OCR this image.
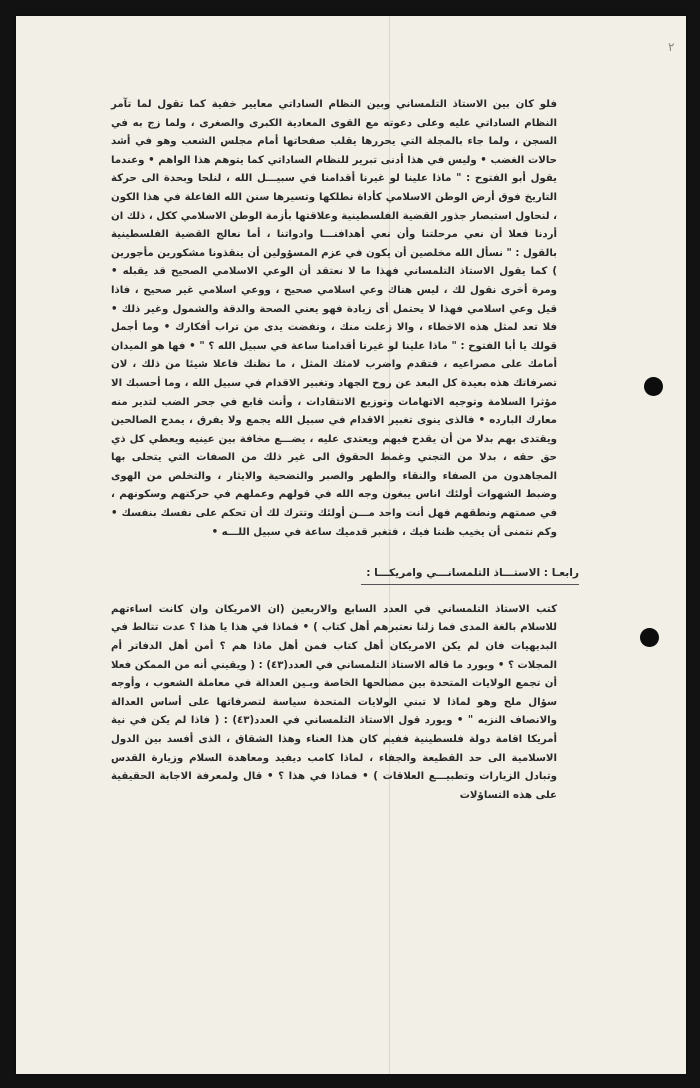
٢

فلو كان بين الاستاذ التلمساني وبين النظام الساداتي معايير خفية كما تقول لما تآمر النظام الساداتي عليه وعلى دعوته مع القوى المعادية الكبرى والصغرى ، ولما زج به في السجن ، ولما جاء بالمجلة التي يحررها يقلب صفحاتها أمام مجلس الشعب وهو في أشد حالات الغضب • وليس في هذا أدنى تبرير للنظام الساداتي كما يتوهم هذا الواهم • وعندما يقول أبو الفتوح : " ماذا علينا لو غيرنا أقدامنا في سبيـــل الله ، لنلحا وبحدة الى حركة التاريخ فوق أرض الوطن الاسلامي كأداة نطلكها وتسيرها سنن الله الفاعلة في هذا الكون ، لنحاول استبصار جذور القضية الفلسطينية وعلاقتها بأزمة الوطن الاسلامي ككل ، ذلك ان أردنا فعلا أن نعي مرحلتنا وأن نعي أهدافنـــا وادواتنا ، أما نعالج القضية الفلسطينية بالقول : " نسأل الله مخلصين أن يكون في عزم المسؤولين أن ينقذونا مشكورين مأجورين ) كما يقول الاستاذ التلمساني فهذا ما لا نعتقد أن الوعي الاسلامي الصحيح قد يقبله • ومرة أخرى نقول لك ، ليس هناك وعي اسلامي صحيح ، ووعي اسلامي غير صحيح ، فاذا قيل وعي اسلامي فهذا لا يحتمل أى زيادة فهو يعني الصحة والدقة والشمول وغير ذلك • فلا تعد لمثل هذه الاخطاء ، والا زعلت منك ، ونفضت يدى من تراب أفكارك • وما أجمل قولك يا أبا الفتوح : " ماذا علينا لو غيرنا أقدامنا ساعة في سبيل الله ؟ " • فها هو الميدان أمامك على مصراعيه ، فتقدم واضرب لامثك المثل ، ما نظنك فاعلا شيئا من ذلك ، لان تصرفاتك هذه بعيدة كل البعد عن روح الجهاد وتغبير الاقدام في سبيل الله ، وما أحسبك الا مؤثرا السلامة وتوجيه الاتهامات وتوزيع الانتقادات ، وأنت قابع في جحر الضب لتدير منه معارك البارده • فالذى ينوى تغبير الاقدام في سبيل الله يجمع ولا يفرق ، يمدح الصالحين ويقتدى بهم بدلا من أن يقدح فيهم ويعتدى عليه ، يضـــع مخافة بين عينيه ويعطي كل ذي حق حقه ، بدلا من التجني وغمط الحقوق الى غير ذلك من الصفات التي يتحلى بها المجاهدون من الصفاء والنقاء والطهر والصبر والتضحية والايثار ، والتخلص من الهوى وضبط الشهوات أولئك اناس يبغون وجه الله في قولهم وعملهم في حركتهم وسكونهم ، في صمتهم ونطقهم فهل أنت واحد مـــن أولئك وتترك لك أن تحكم على نفسك بنفسك • وكم نتمنى أن يخيب ظننا فيك ، فتغبر قدميك ساعة في سبيل اللـــه •

رابعـا : الاستـــاذ التلمسانـــي وامريكـــا :

كتب الاستاذ التلمساني في العدد السابع والاربعين (ان الامريكان وان كانت اساءتهم للاسلام بالغة المدى فما زلنا نعتبرهم أهل كتاب ) • فماذا في هذا يا هذا ؟ عدت تتالط في البديهيات فان لم يكن الامريكان أهل كتاب فمن أهل ماذا هم ؟ أمن أهل الدفاتر أم المجلات ؟ • ويورد ما قاله الاستاذ التلمساني في العدد(٤٣) : ( ويقيني أنه من الممكن فعلا أن تجمع الولايات المتحدة بين مصالحها الخاصة وبـين العدالة في معاملة الشعوب ، وأوجه سؤال ملح وهو لماذا لا تبني الولايات المتحدة سياسة لتصرفاتها على أساس العدالة والانصاف النزيه " • ويورد قول الاستاذ التلمساني في العدد(٤٣) : ( فاذا لم يكن في نية أمريكا اقامة دولة فلسطينية ففيم كان هذا العناء وهذا الشقاق ، الذى أفسد بين الدول الاسلامية الى حد القطيعة والجفاء ، لماذا كامب ديفيد ومعاهدة السلام وزيارة القدس وتبادل الزيارات وتطبيـــع العلاقات ) • فماذا في هذا ؟ • قال ولمعرفة الاجابة الحقيقية على هذه التساؤلات
